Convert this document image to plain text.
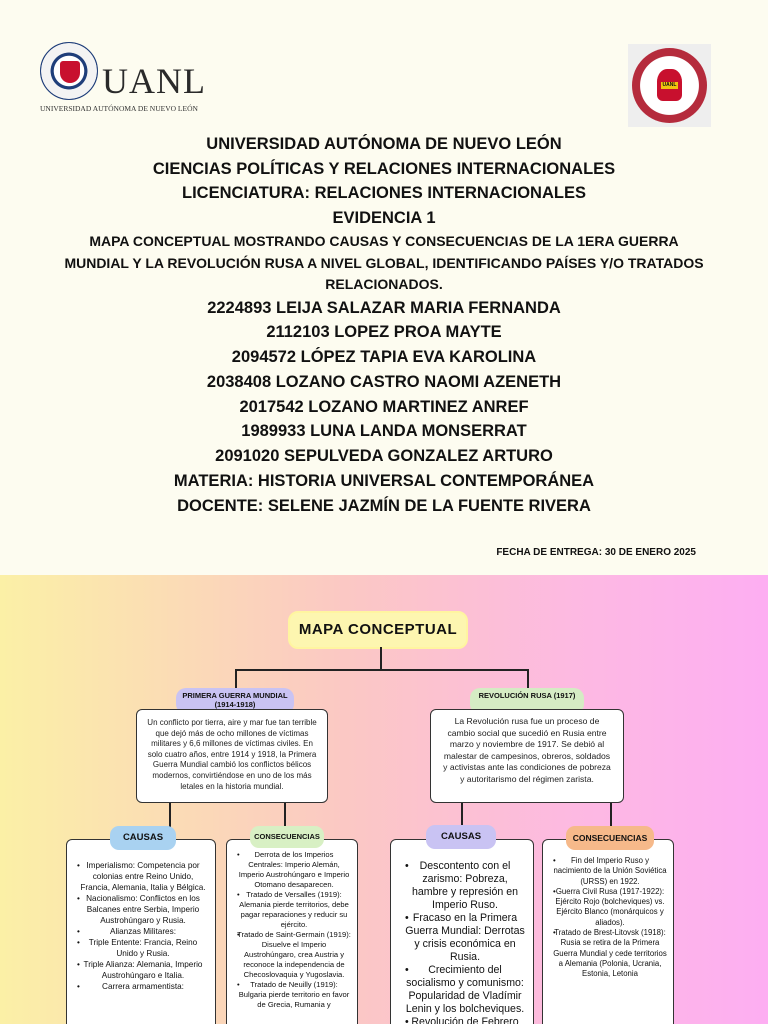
UANL
UNIVERSIDAD AUTÓNOMA DE NUEVO LEÓN
UANL
UNIVERSIDAD AUTÓNOMA DE NUEVO LEÓN
CIENCIAS POLÍTICAS Y RELACIONES INTERNACIONALES
LICENCIATURA: RELACIONES INTERNACIONALES
EVIDENCIA 1
MAPA CONCEPTUAL MOSTRANDO CAUSAS Y CONSECUENCIAS DE LA 1ERA GUERRA MUNDIAL Y LA REVOLUCIÓN RUSA A NIVEL GLOBAL, IDENTIFICANDO PAÍSES Y/O TRATADOS RELACIONADOS.
2224893 LEIJA SALAZAR MARIA FERNANDA
2112103 LOPEZ PROA MAYTE
2094572 LÓPEZ TAPIA EVA KAROLINA
2038408 LOZANO CASTRO NAOMI AZENETH
2017542 LOZANO MARTINEZ ANREF
1989933 LUNA LANDA MONSERRAT
2091020 SEPULVEDA GONZALEZ ARTURO
MATERIA: HISTORIA UNIVERSAL CONTEMPORÁNEA
DOCENTE: SELENE JAZMÍN DE LA FUENTE RIVERA
FECHA DE ENTREGA: 30 DE ENERO 2025
MAPA CONCEPTUAL
PRIMERA GUERRA MUNDIAL (1914-1918)
Un conflicto por tierra, aire y mar fue tan terrible que dejó más de ocho millones de víctimas militares y 6,6 millones de víctimas civiles. En solo cuatro años, entre 1914 y 1918, la Primera Guerra Mundial cambió los conflictos bélicos modernos, convirtiéndose en uno de los más letales en la historia mundial.
• Imperialismo: Competencia por colonias entre Reino Unido, Francia, Alemania, Italia y Bélgica.
• Nacionalismo: Conflictos en los Balcanes entre Serbia, Imperio Austrohúngaro y Rusia.
• Alianzas Militares:
• Triple Entente: Francia, Reino Unido y Rusia.
• Triple Alianza: Alemania, Imperio Austrohúngaro e Italia.
• Carrera armamentista:
CAUSAS
• Derrota de los Imperios Centrales: Imperio Alemán, Imperio Austrohúngaro e Imperio Otomano desaparecen.
• Tratado de Versalles (1919): Alemania pierde territorios, debe pagar reparaciones y reducir su ejército.
• Tratado de Saint-Germain (1919): Disuelve el Imperio Austrohúngaro, crea Austria y reconoce la independencia de Checoslovaquia y Yugoslavia.
• Tratado de Neuilly (1919): Bulgaria pierde territorio en favor de Grecia, Rumania y
CONSECUENCIAS
REVOLUCIÓN RUSA (1917)
La Revolución rusa fue un proceso de cambio social que sucedió en Rusia entre marzo y noviembre de 1917. Se debió al malestar de campesinos, obreros, soldados y activistas ante las condiciones de pobreza y autoritarismo del régimen zarista.
• Descontento con el zarismo: Pobreza, hambre y represión en Imperio Ruso.
• Fracaso en la Primera Guerra Mundial: Derrotas y crisis económica en Rusia.
• Crecimiento del socialismo y comunismo: Popularidad de Vladímir Lenin y los bolcheviques.
• Revolución de Febrero
CAUSAS
• Fin del Imperio Ruso y nacimiento de la Unión Soviética (URSS) en 1922.
• Guerra Civil Rusa (1917-1922): Ejército Rojo (bolcheviques) vs. Ejército Blanco (monárquicos y aliados).
• Tratado de Brest-Litovsk (1918): Rusia se retira de la Primera Guerra Mundial y cede territorios a Alemania (Polonia, Ucrania, Estonia, Letonia
CONSECUENCIAS
